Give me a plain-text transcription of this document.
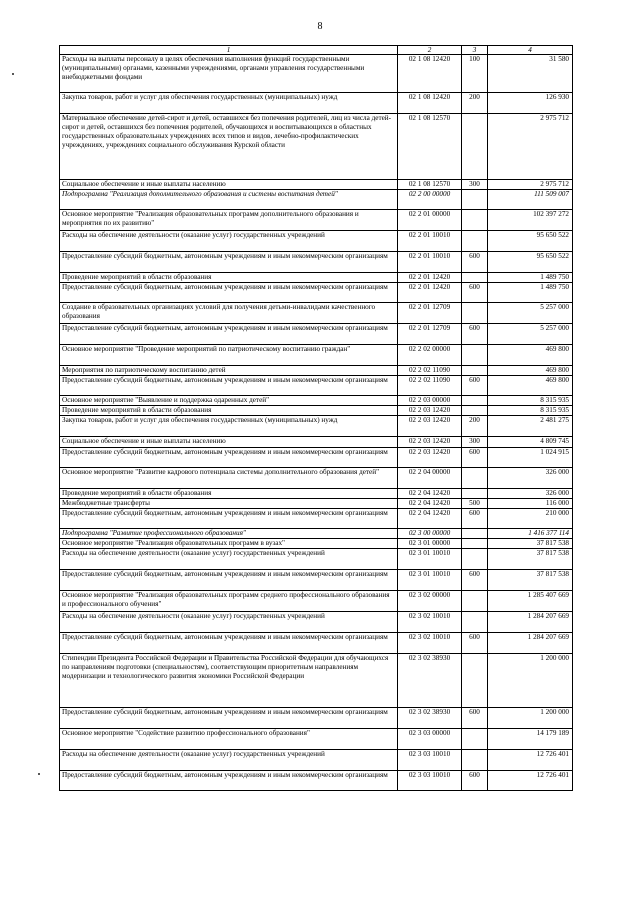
8
1	2	3	4
Расходы на выплаты персоналу в целях обеспечения выполнения функций государственными (муниципальными) органами, казенными учреждениями, органами управления государственными внебюджетными фондами	02 1 08 12420	100	31 580
Закупка товаров, работ и услуг для обеспечения государственных (муниципальных) нужд	02 1 08 12420	200	126 930
Материальное обеспечение детей-сирот и детей, оставшихся без попечения родителей, лиц из числа детей-сирот и детей, оставшихся без попечения родителей, обучающихся и воспитывающихся в областных государственных образовательных учреждениях всех типов и видов, лечебно-профилактических учреждениях, учреждениях социального обслуживания Курской области	02 1 08 12570		2 975 712
Социальное обеспечение и иные выплаты населению	02 1 08 12570	300	2 975 712
Подпрограмма "Реализация дополнительного образования и системы воспитания детей"	02 2 00 00000		111 509 007
Основное мероприятие "Реализация образовательных программ дополнительного образования и мероприятия по их развитию"	02 2 01 00000		102 397 272
Расходы на обеспечение деятельности (оказание услуг) государственных учреждений	02 2 01 10010		95 650 522
Предоставление субсидий бюджетным, автономным учреждениям и иным некоммерческим организациям	02 2 01 10010	600	95 650 522
Проведение мероприятий в области образования	02 2 01 12420		1 489 750
Предоставление субсидий бюджетным, автономным учреждениям и иным некоммерческим организациям	02 2 01 12420	600	1 489 750
Создание в образовательных организациях условий для получения детьми-инвалидами качественного образования	02 2 01 12709		5 257 000
Предоставление субсидий бюджетным, автономным учреждениям и иным некоммерческим организациям	02 2 01 12709	600	5 257 000
Основное мероприятие "Проведение мероприятий по патриотическому воспитанию граждан"	02 2 02 00000		469 800
Мероприятия по патриотическому воспитанию детей	02 2 02 11090		469 800
Предоставление субсидий бюджетным, автономным учреждениям и иным некоммерческим организациям	02 2 02 11090	600	469 800
Основное мероприятие "Выявление и поддержка одаренных детей"	02 2 03 00000		8 315 935
Проведение мероприятий в области образования	02 2 03 12420		8 315 935
Закупка товаров, работ и услуг для обеспечения государственных (муниципальных) нужд	02 2 03 12420	200	2 481 275
Социальное обеспечение и иные выплаты населению	02 2 03 12420	300	4 809 745
Предоставление субсидий бюджетным, автономным учреждениям и иным некоммерческим организациям	02 2 03 12420	600	1 024 915
Основное мероприятие "Развитие кадрового потенциала системы дополнительного образования детей"	02 2 04 00000		326 000
Проведение мероприятий в области образования	02 2 04 12420		326 000
Межбюджетные трансферты	02 2 04 12420	500	116 000
Предоставление субсидий бюджетным, автономным учреждениям и иным некоммерческим организациям	02 2 04 12420	600	210 000
Подпрограмма "Развитие профессионального образования"	02 3 00 00000		1 416 377 114
Основное мероприятие "Реализация образовательных программ в вузах"	02 3 01 00000		37 817 538
Расходы на обеспечение деятельности (оказание услуг) государственных учреждений	02 3 01 10010		37 817 538
Предоставление субсидий бюджетным, автономным учреждениям и иным некоммерческим организациям	02 3 01 10010	600	37 817 538
Основное мероприятие "Реализация образовательных программ среднего профессионального образования и профессионального обучения"	02 3 02 00000		1 285 407 669
Расходы на обеспечение деятельности (оказание услуг) государственных учреждений	02 3 02 10010		1 284 207 669
Предоставление субсидий бюджетным, автономным учреждениям и иным некоммерческим организациям	02 3 02 10010	600	1 284 207 669
Стипендии Президента Российской Федерации и Правительства Российской Федерации для обучающихся по направлениям подготовки (специальностям), соответствующим приоритетным направлениям модернизации и технологического развития экономики Российской Федерации	02 3 02 38930		1 200 000
Предоставление субсидий бюджетным, автономным учреждениям и иным некоммерческим организациям	02 3 02 38930	600	1 200 000
Основное мероприятие "Содействие развитию профессионального образования"	02 3 03 00000		14 179 189
Расходы на обеспечение деятельности (оказание услуг) государственных учреждений	02 3 03 10010		12 726 401
Предоставление субсидий бюджетным, автономным учреждениям и иным некоммерческим организациям	02 3 03 10010	600	12 726 401
